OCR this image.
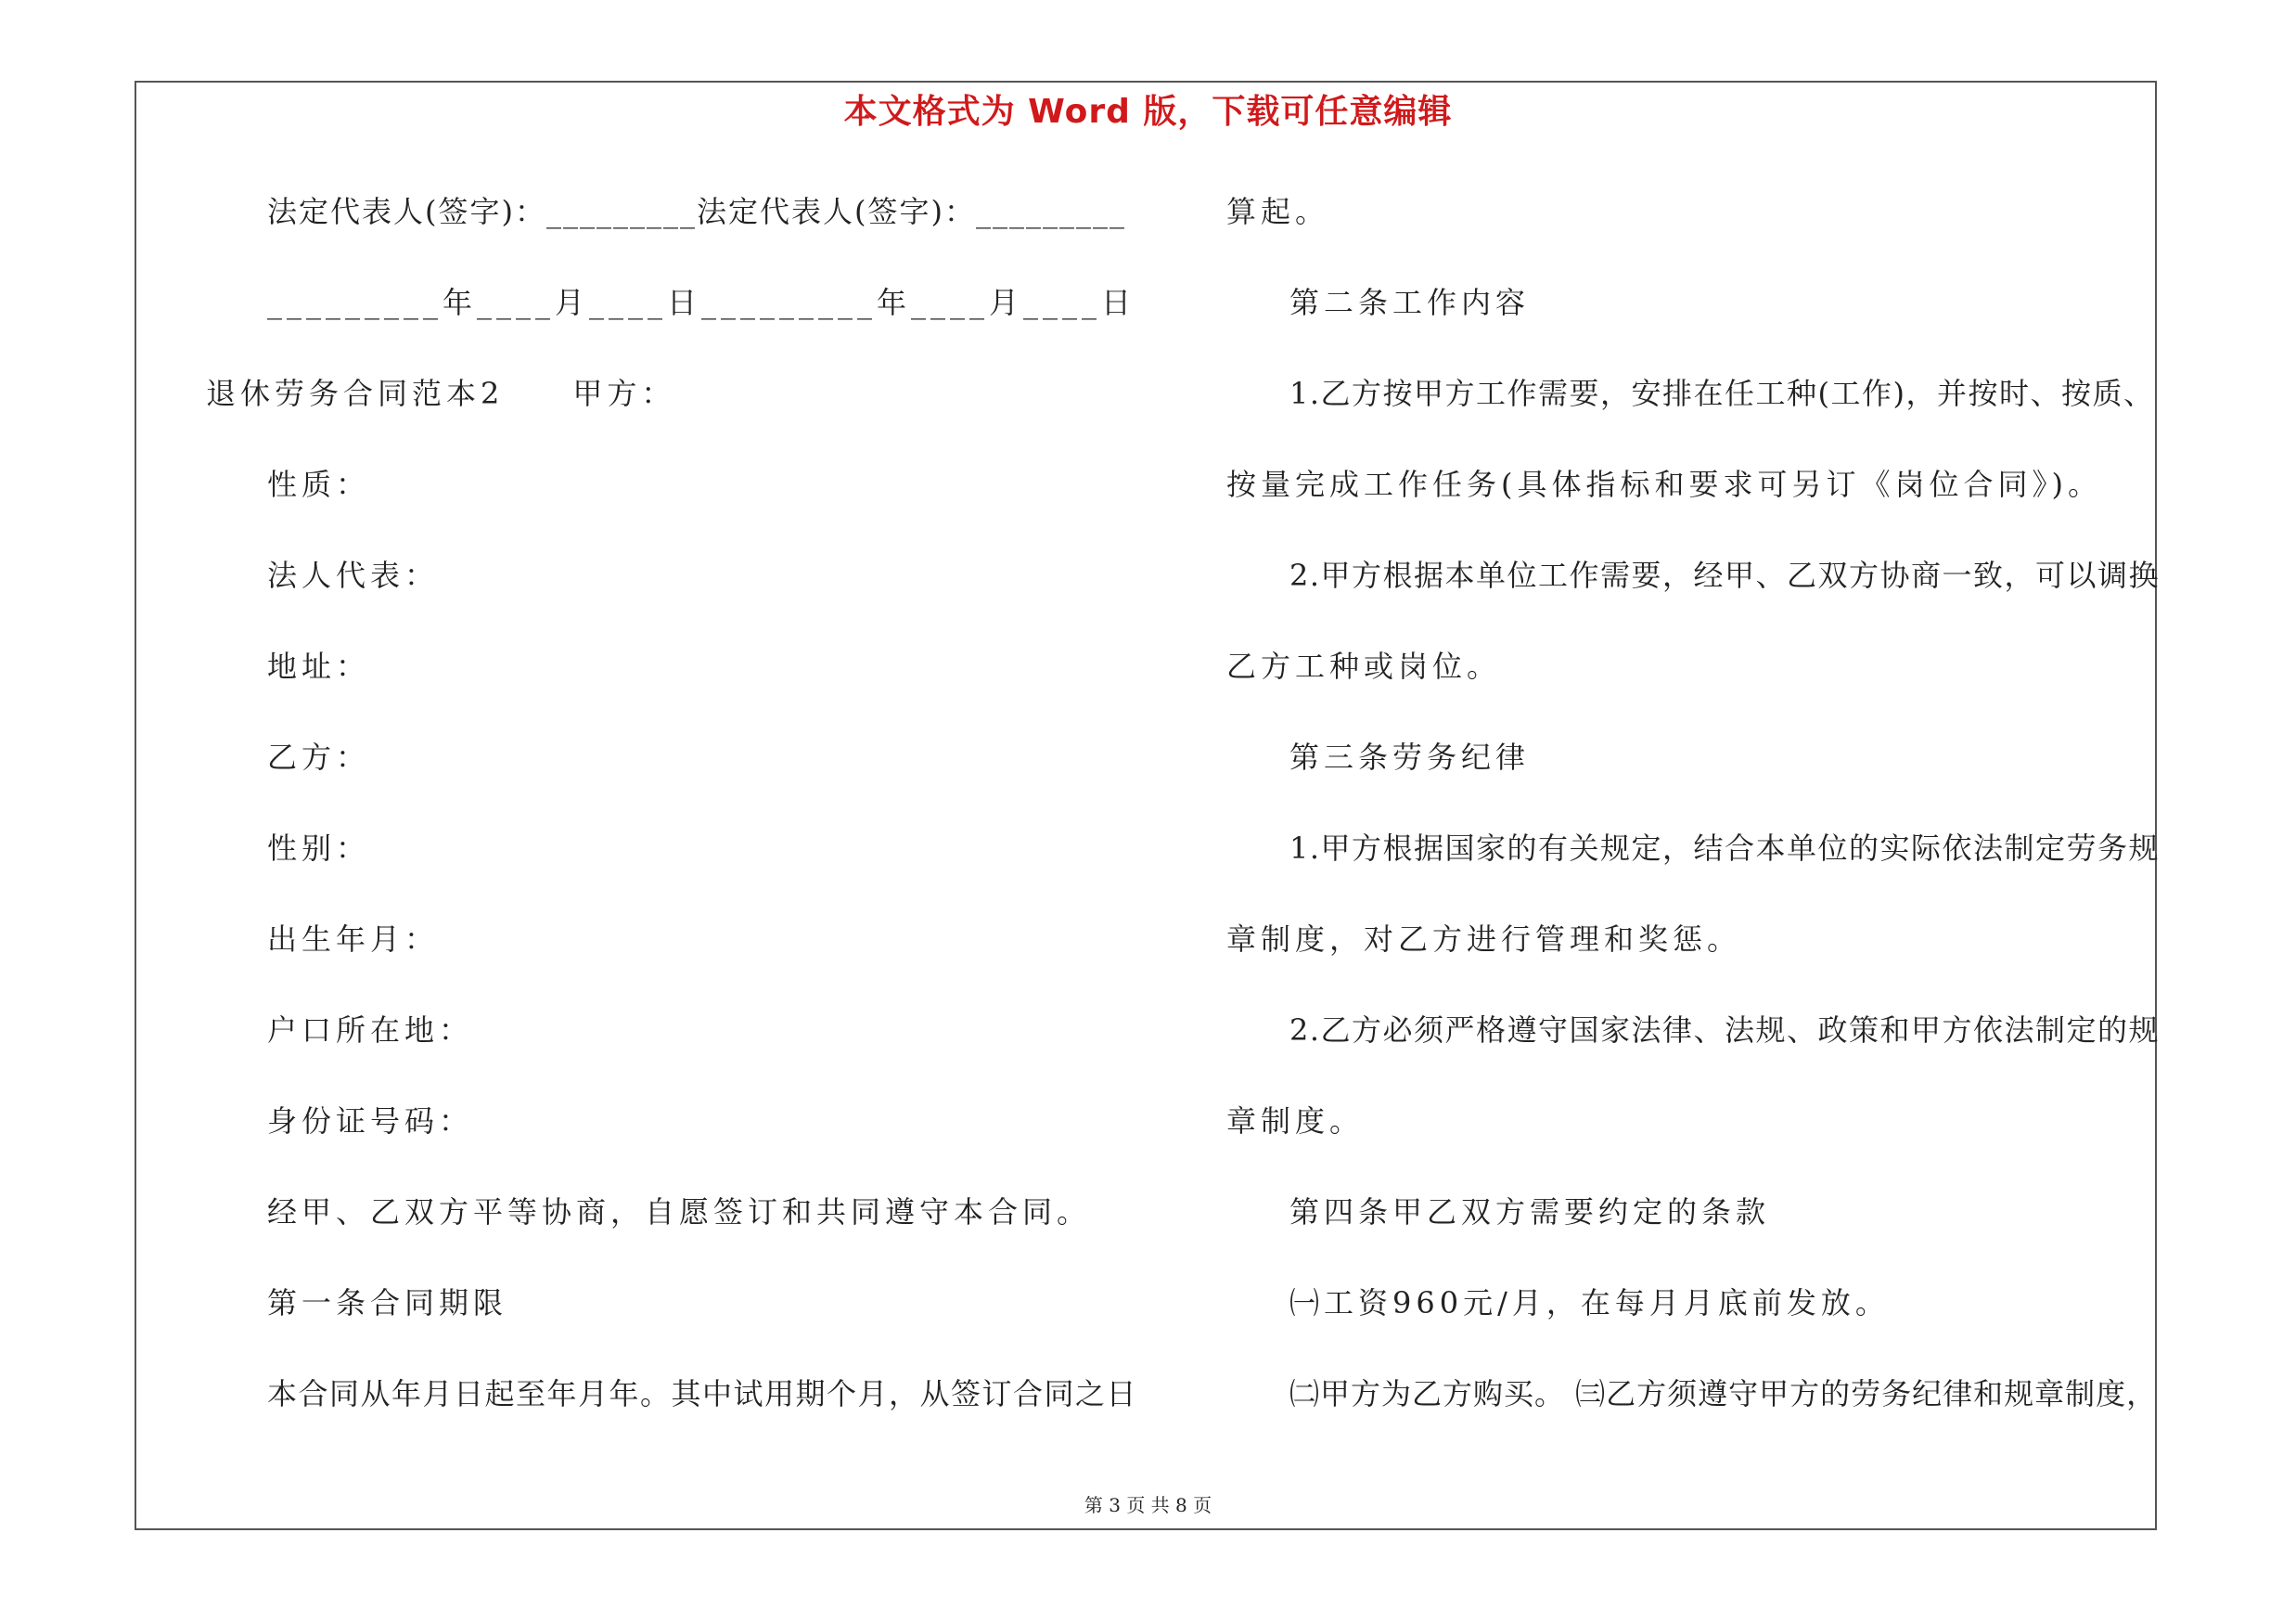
本文格式为 Word 版，下载可任意编辑
法定代表人(签字)：_________法定代表人(签字)：_________
_________年____月____日_________年____月____日
退休劳务合同范本2　　甲方：
性质：
法人代表：
地址：
乙方：
性别：
出生年月：
户口所在地：
身份证号码：
经甲、乙双方平等协商，自愿签订和共同遵守本合同。
第一条合同期限
本合同从年月日起至年月年。其中试用期个月，从签订合同之日
算起。
第二条工作内容
1.乙方按甲方工作需要，安排在任工种(工作)，并按时、按质、
按量完成工作任务(具体指标和要求可另订《岗位合同》)。
2.甲方根据本单位工作需要，经甲、乙双方协商一致，可以调换
乙方工种或岗位。
第三条劳务纪律
1.甲方根据国家的有关规定，结合本单位的实际依法制定劳务规
章制度，对乙方进行管理和奖惩。
2.乙方必须严格遵守国家法律、法规、政策和甲方依法制定的规
章制度。
第四条甲乙双方需要约定的条款
㈠工资960元/月，在每月月底前发放。
㈡甲方为乙方购买。 ㈢乙方须遵守甲方的劳务纪律和规章制度，
第 3 页 共 8 页
